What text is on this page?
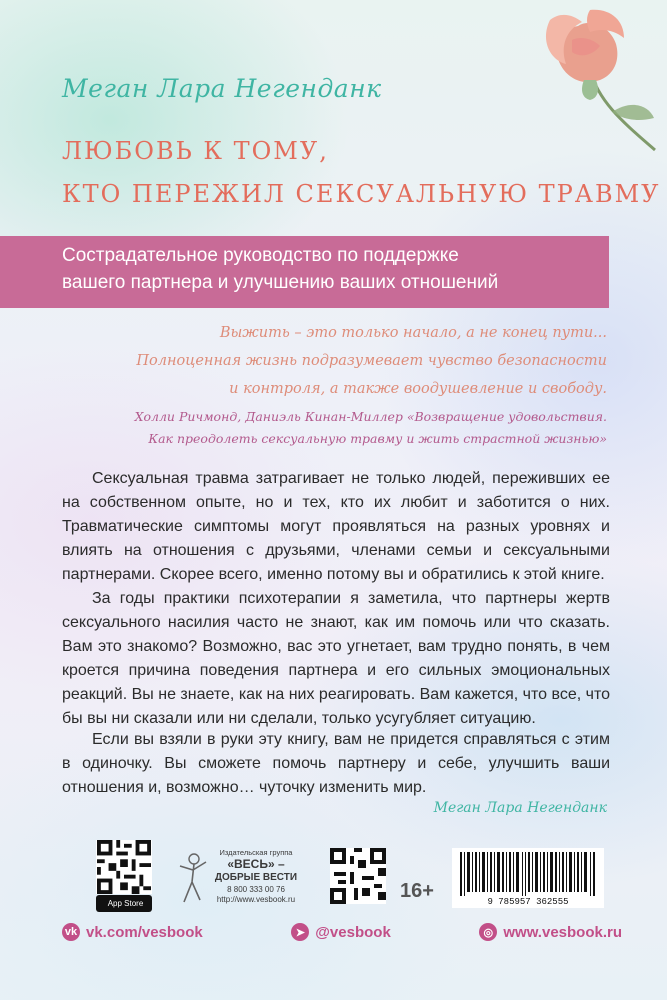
Меган Лара Негенданк
ЛЮБОВЬ К ТОМУ,
КТО ПЕРЕЖИЛ СЕКСУАЛЬНУЮ ТРАВМУ
Сострадательное руководство по поддержке
вашего партнера и улучшению ваших отношений
Выжить – это только начало, а не конец пути...
Полноценная жизнь подразумевает чувство безопасности
и контроля, а также воодушевление и свободу.
Холли Ричмонд, Даниэль Кинан-Миллер «Возвращение удовольствия.
Как преодолеть сексуальную травму и жить страстной жизнью»
Сексуальная травма затрагивает не только людей, переживших ее на собственном опыте, но и тех, кто их любит и заботится о них. Травматические симптомы могут проявляться на разных уровнях и влиять на отношения с друзьями, членами семьи и сексуальными партнерами. Скорее всего, именно потому вы и обратились к этой книге.
За годы практики психотерапии я заметила, что партнеры жертв сексуального насилия часто не знают, как им помочь или что сказать. Вам это знакомо? Возможно, вас это угнетает, вам трудно понять, в чем кроется причина поведения партнера и его сильных эмоциональных реакций. Вы не знаете, как на них реагировать. Вам кажется, что все, что бы вы ни сказали или ни сделали, только усугубляет ситуацию.
Если вы взяли в руки эту книгу, вам не придется справляться с этим в одиночку. Вы сможете помочь партнеру и себе, улучшить ваши отношения и, возможно… чуточку изменить мир.
Меган Лара Негенданк
App Store
Издательская группа
«ВЕСЬ» –
ДОБРЫЕ ВЕСТИ
8 800 333 00 76
http://www.vesbook.ru	16+	9 785957 362555
vk vk.com/vesbook	➤ @vesbook	◎ www.vesbook.ru
